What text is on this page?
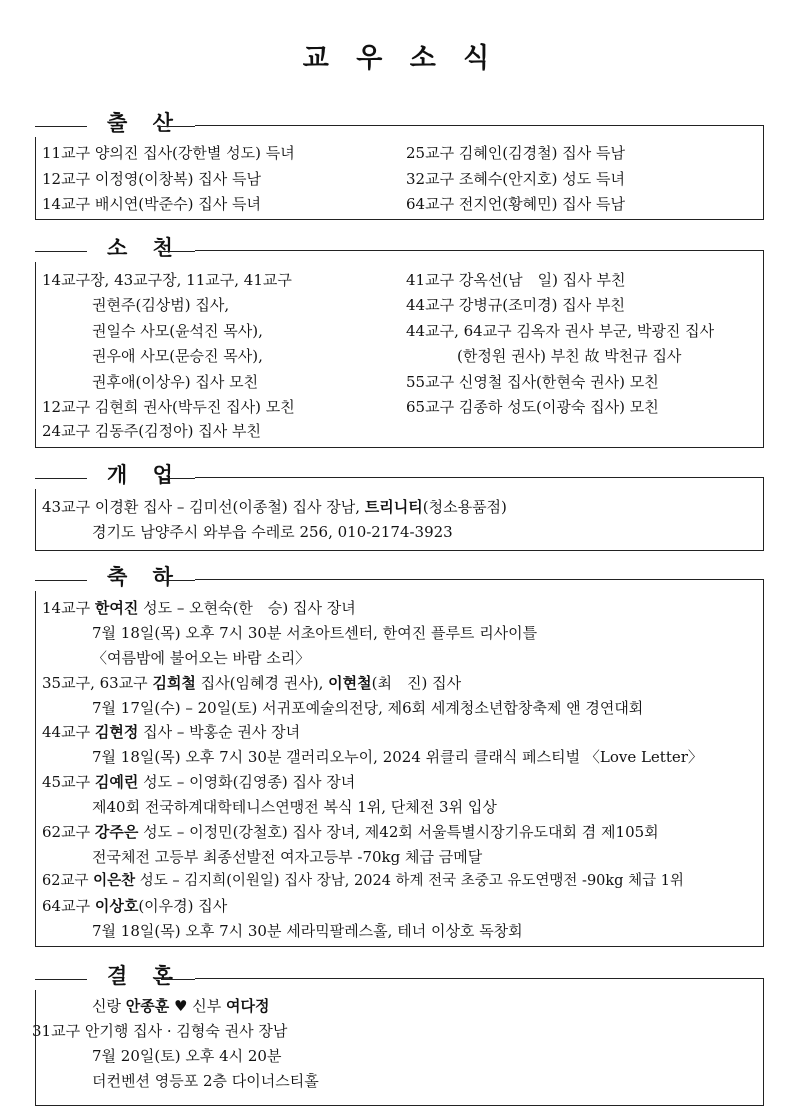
교 우 소 식
출 산
11교구 양의진 집사(강한별 성도) 득녀
12교구 이정영(이창복) 집사 득남
14교구 배시연(박준수) 집사 득녀
25교구 김혜인(김경철) 집사 득남
32교구 조혜수(안지호) 성도 득녀
64교구 전지언(황혜민) 집사 득남
소 천
14교구장, 43교구장, 11교구, 41교구
권현주(김상범) 집사,
권일수 사모(윤석진 목사),
권우애 사모(문승진 목사),
권후애(이상우) 집사 모친
12교구 김현희 권사(박두진 집사) 모친
24교구 김동주(김정아) 집사 부친
41교구 강옥선(남　일) 집사 부친
44교구 강병규(조미경) 집사 부친
44교구, 64교구 김옥자 권사 부군, 박광진 집사
(한정원 권사) 부친 故 박천규 집사
55교구 신영철 집사(한현숙 권사) 모친
65교구 김종하 성도(이광숙 집사) 모친
개 업
43교구 이경환 집사 – 김미선(이종철) 집사 장남, 트리니티(청소용품점)
경기도 남양주시 와부읍 수레로 256, 010-2174-3923
축 하
14교구 한여진 성도 – 오현숙(한　승) 집사 장녀
7월 18일(목) 오후 7시 30분 서초아트센터, 한여진 플루트 리사이틀
〈여름밤에 불어오는 바람 소리〉
35교구, 63교구 김희철 집사(임혜경 권사), 이현철(최　진) 집사
7월 17일(수) – 20일(토) 서귀포예술의전당, 제6회 세계청소년합창축제 앤 경연대회
44교구 김현정 집사 – 박홍순 권사 장녀
7월 18일(목) 오후 7시 30분 갤러리오누이, 2024 위클리 클래식 페스티벌 〈Love Letter〉
45교구 김예린 성도 – 이영화(김영종) 집사 장녀
제40회 전국하계대학테니스연맹전 복식 1위, 단체전 3위 입상
62교구 강주은 성도 – 이정민(강철호) 집사 장녀, 제42회 서울특별시장기유도대회 겸 제105회
전국체전 고등부 최종선발전 여자고등부 -70kg 체급 금메달
62교구 이은찬 성도 – 김지희(이원일) 집사 장남, 2024 하계 전국 초중고 유도연맹전 -90kg 체급 1위
64교구 이상호(이우경) 집사
7월 18일(목) 오후 7시 30분 세라믹팔레스홀, 테너 이상호 독창회
결 혼
신랑 안종훈 ♥ 신부 여다정
31교구 안기행 집사 · 김형숙 권사 장남
7월 20일(토) 오후 4시 20분
더컨벤션 영등포 2층 다이너스티홀
